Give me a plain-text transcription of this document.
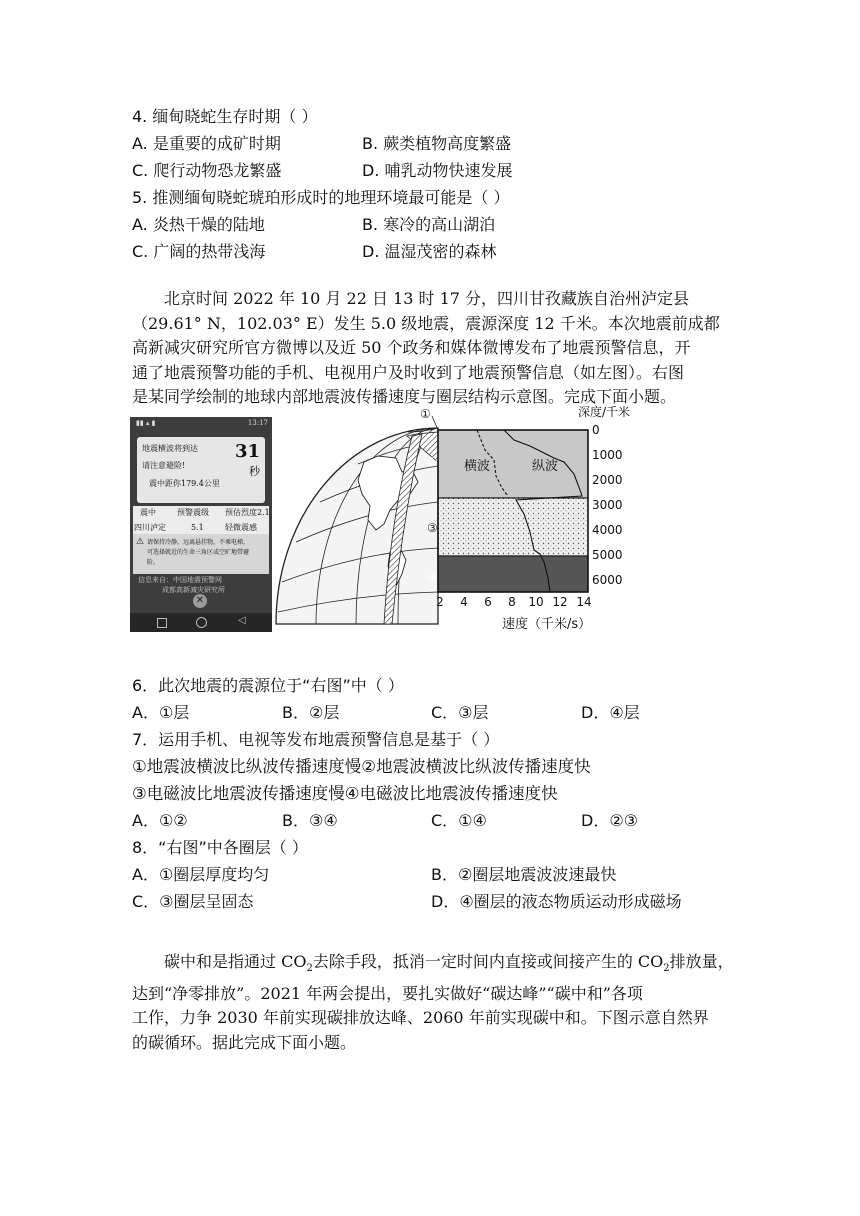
4. 缅甸晓蛇生存时期（ ）
A. 是重要的成矿时期	B. 蕨类植物高度繁盛
C. 爬行动物恐龙繁盛	D. 哺乳动物快速发展
5. 推测缅甸晓蛇琥珀形成时的地理环境最可能是（ ）
A. 炎热干燥的陆地	B. 寒冷的高山湖泊
C. 广阔的热带浅海	D. 温湿茂密的森林

北京时间 2022 年 10 月 22 日 13 时 17 分，四川甘孜藏族自治州泸定县

（29.61° N，102.03° E）发生 5.0 级地震，震源深度 12 千米。本次地震前成都

高新减灾研究所官方微博以及近 50 个政务和媒体微博发布了地震预警信息，开

通了地震预警功能的手机、电视用户及时收到了地震预警信息（如左图）。右图

是某同学绘制的地球内部地震波传播速度与圈层结构示意图。完成下面小题。

▮▮ ▴ ▮	13:17
地震横波将到达
请注意避险!
震中距你179.4公里
31
秒
震中	预警震级 预估烈度2.1
四川泸定	5.1	轻微震感
⚠ 请保持冷静，远离悬挂物，不乘电梯，
可选择就近的生命三角区或空旷地带避
险。
信息来自：中国地震预警网
成都高新减灾研究所
✕
◁
横波	纵波
①
②
③
④
深度/千米
0
1000
2000
3000
4000
5000
6000
2 4 6 8 10 12 14
速度（千米/s）
6．此次地震的震源位于“右图”中（ ）
A．①层	B．②层	C．③层	D．④层
7．运用手机、电视等发布地震预警信息是基于（ ）
①地震波横波比纵波传播速度慢②地震波横波比纵波传播速度快
③电磁波比地震波传播速度慢④电磁波比地震波传播速度快
A．①②	B．③④	C．①④	D．②③
8．“右图”中各圈层（ ）
A．①圈层厚度均匀	B．②圈层地震波波速最快
C．③圈层呈固态	D．④圈层的液态物质运动形成磁场

碳中和是指通过 $CO_2$去除手段，抵消一定时间内直接或间接产生的 $CO_2$排放量，

达到“净零排放”。2021 年两会提出，要扎实做好“碳达峰”“碳中和”各项

工作，力争 2030 年前实现碳排放达峰、2060 年前实现碳中和。下图示意自然界

的碳循环。据此完成下面小题。
